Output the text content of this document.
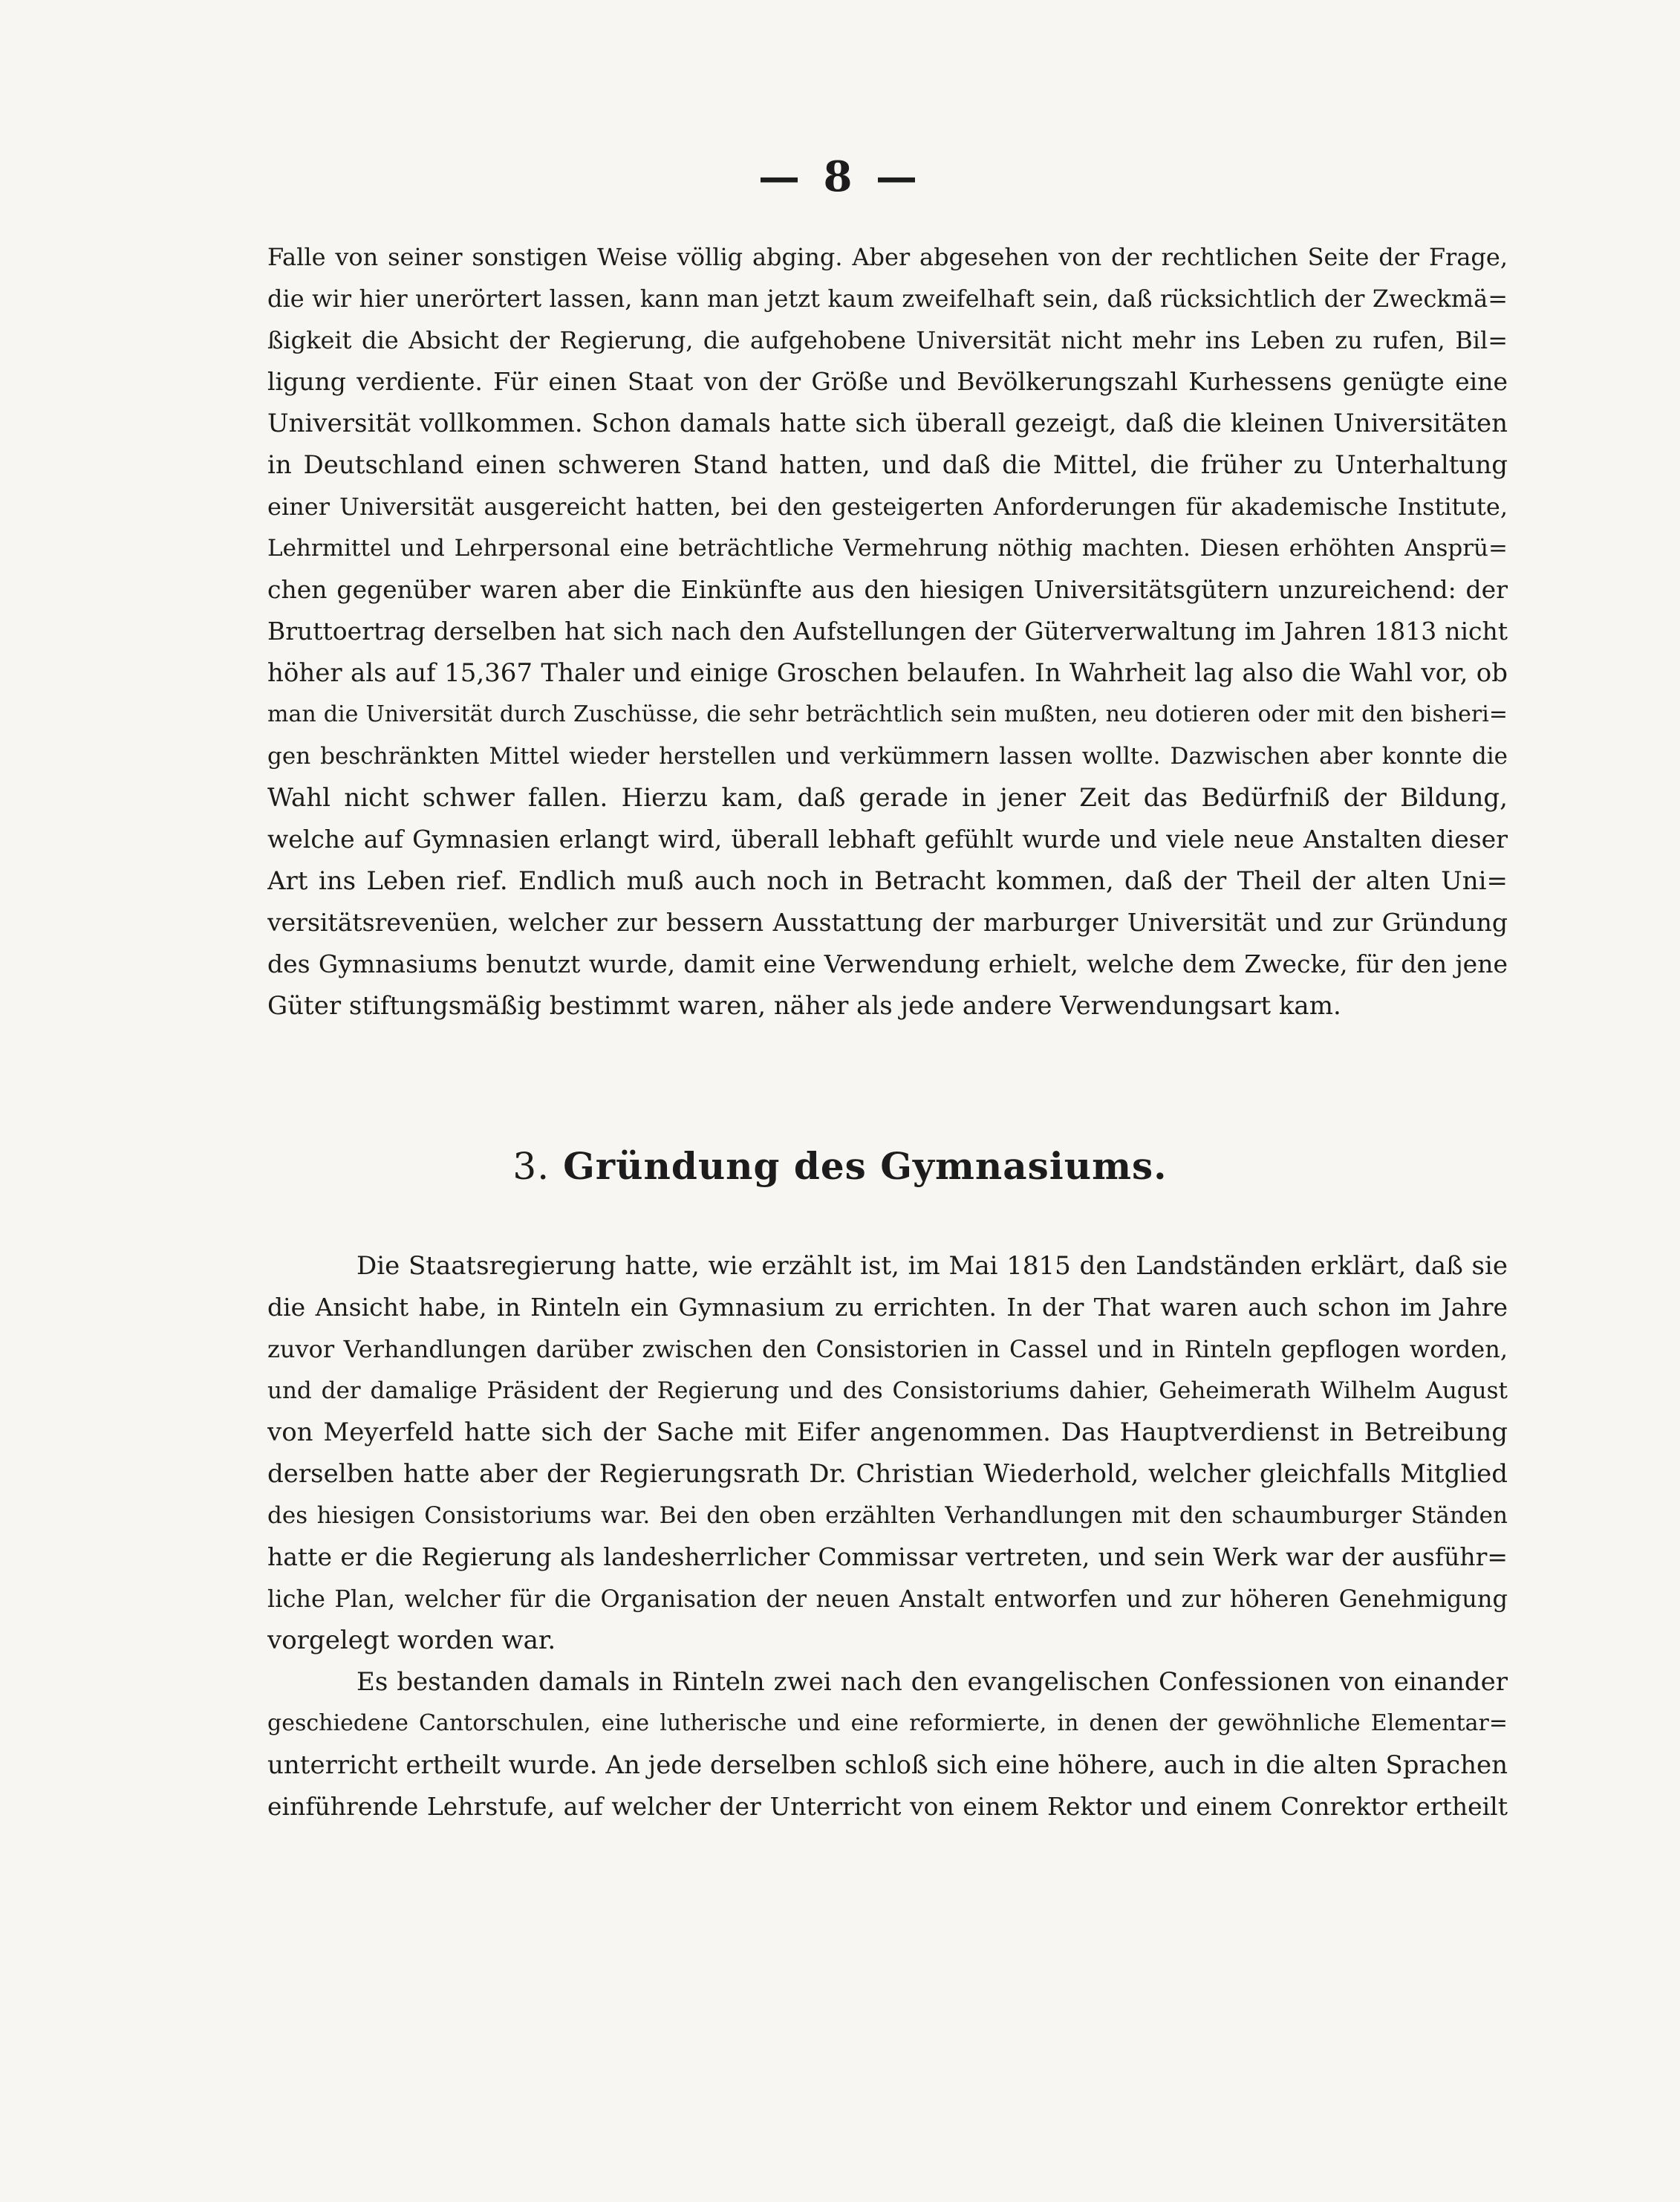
— 8 —
Falle von seiner sonstigen Weise völlig abging. Aber abgesehen von der rechtlichen Seite der Frage,
die wir hier unerörtert lassen, kann man jetzt kaum zweifelhaft sein, daß rücksichtlich der Zweckmä=
ßigkeit die Absicht der Regierung, die aufgehobene Universität nicht mehr ins Leben zu rufen, Bil=
ligung verdiente. Für einen Staat von der Größe und Bevölkerungszahl Kurhessens genügte eine
Universität vollkommen. Schon damals hatte sich überall gezeigt, daß die kleinen Universitäten
in Deutschland einen schweren Stand hatten, und daß die Mittel, die früher zu Unterhaltung
einer Universität ausgereicht hatten, bei den gesteigerten Anforderungen für akademische Institute,
Lehrmittel und Lehrpersonal eine beträchtliche Vermehrung nöthig machten. Diesen erhöhten Ansprü=
chen gegenüber waren aber die Einkünfte aus den hiesigen Universitätsgütern unzureichend: der
Bruttoertrag derselben hat sich nach den Aufstellungen der Güterverwaltung im Jahren 1813 nicht
höher als auf 15,367 Thaler und einige Groschen belaufen. In Wahrheit lag also die Wahl vor, ob
man die Universität durch Zuschüsse, die sehr beträchtlich sein mußten, neu dotieren oder mit den bisheri=
gen beschränkten Mittel wieder herstellen und verkümmern lassen wollte. Dazwischen aber konnte die
Wahl nicht schwer fallen. Hierzu kam, daß gerade in jener Zeit das Bedürfniß der Bildung,
welche auf Gymnasien erlangt wird, überall lebhaft gefühlt wurde und viele neue Anstalten dieser
Art ins Leben rief. Endlich muß auch noch in Betracht kommen, daß der Theil der alten Uni=
versitätsrevenüen, welcher zur bessern Ausstattung der marburger Universität und zur Gründung
des Gymnasiums benutzt wurde, damit eine Verwendung erhielt, welche dem Zwecke, für den jene
Güter stiftungsmäßig bestimmt waren, näher als jede andere Verwendungsart kam.
3. Gründung des Gymnasiums.
Die Staatsregierung hatte, wie erzählt ist, im Mai 1815 den Landständen erklärt, daß sie
die Ansicht habe, in Rinteln ein Gymnasium zu errichten. In der That waren auch schon im Jahre
zuvor Verhandlungen darüber zwischen den Consistorien in Cassel und in Rinteln gepflogen worden,
und der damalige Präsident der Regierung und des Consistoriums dahier, Geheimerath Wilhelm August
von Meyerfeld hatte sich der Sache mit Eifer angenommen. Das Hauptverdienst in Betreibung
derselben hatte aber der Regierungsrath Dr. Christian Wiederhold, welcher gleichfalls Mitglied
des hiesigen Consistoriums war. Bei den oben erzählten Verhandlungen mit den schaumburger Ständen
hatte er die Regierung als landesherrlicher Commissar vertreten, und sein Werk war der ausführ=
liche Plan, welcher für die Organisation der neuen Anstalt entworfen und zur höheren Genehmigung
vorgelegt worden war.
Es bestanden damals in Rinteln zwei nach den evangelischen Confessionen von einander
geschiedene Cantorschulen, eine lutherische und eine reformierte, in denen der gewöhnliche Elementar=
unterricht ertheilt wurde. An jede derselben schloß sich eine höhere, auch in die alten Sprachen
einführende Lehrstufe, auf welcher der Unterricht von einem Rektor und einem Conrektor ertheilt
